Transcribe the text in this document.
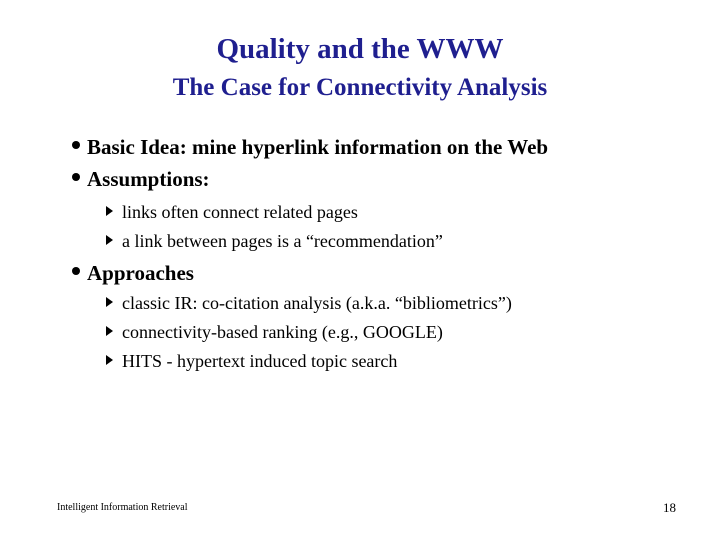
Quality and the WWW
The Case for Connectivity Analysis
Basic Idea: mine hyperlink information on the Web
Assumptions:
links often connect related pages
a link between pages is a “recommendation”
Approaches
classic IR: co-citation analysis (a.k.a. “bibliometrics”)
connectivity-based ranking (e.g., GOOGLE)
HITS - hypertext induced topic search
Intelligent Information Retrieval	18
